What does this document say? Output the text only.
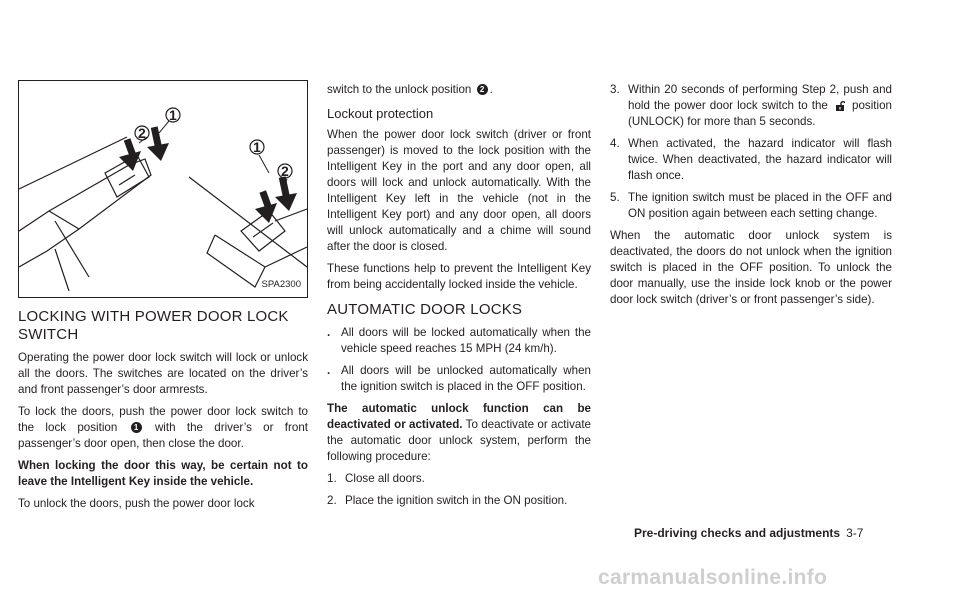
1
2
1
2
SPA2300
LOCKING WITH POWER DOOR LOCK SWITCH

Operating the power door lock switch will lock or unlock all the doors. The switches are located on the driver’s and front passenger’s door armrests.

To lock the doors, push the power door lock switch to the lock position 1 with the driver’s or front passenger’s door open, then close the door.

When locking the door this way, be certain not to leave the Intelligent Key inside the vehicle.

To unlock the doors, push the power door lock

switch to the unlock position 2 .

Lockout protection

When the power door lock switch (driver or front passenger) is moved to the lock position with the Intelligent Key in the port and any door open, all doors will lock and unlock automatically. With the Intelligent Key left in the vehicle (not in the Intelligent Key port) and any door open, all doors will unlock automatically and a chime will sound after the door is closed.

These functions help to prevent the Intelligent Key from being accidentally locked inside the vehicle.

AUTOMATIC DOOR LOCKS
. All doors will be locked automatically when the vehicle speed reaches 15 MPH (24 km/h).
. All doors will be unlocked automatically when the ignition switch is placed in the OFF position.

The automatic unlock function can be deactivated or activated. To deactivate or activate the automatic door unlock system, perform the following procedure:

1. Close all doors.
2. Place the ignition switch in the ON position.
3. Within 20 seconds of performing Step 2, push and hold the power door lock switch to the position (UNLOCK) for more than 5 seconds.
4. When activated, the hazard indicator will flash twice. When deactivated, the hazard indicator will flash once.
5. The ignition switch must be placed in the OFF and ON position again between each setting change.

When the automatic door unlock system is deactivated, the doors do not unlock when the ignition switch is placed in the OFF position. To unlock the door manually, use the inside lock knob or the power door lock switch (driver’s or front passenger’s side).

Pre-driving checks and adjustments 3-7
carmanualsonline.info
